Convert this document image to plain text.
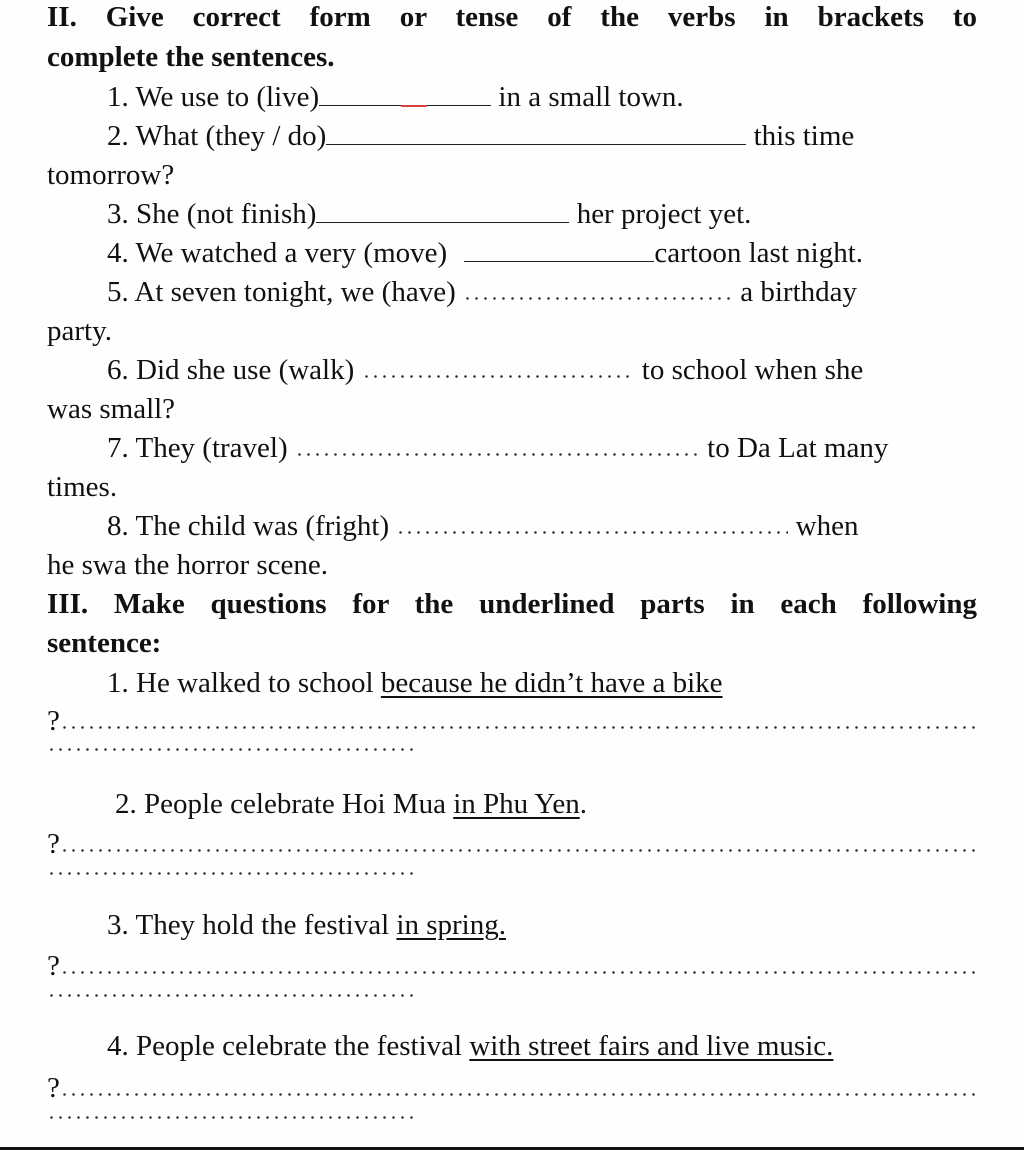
II. Give correct form or tense of the verbs in brackets to
complete the sentences.
1. We use to (live)	in a small town.
2. What (they / do)	this time
tomorrow?
3. She (not finish)	her project yet.
4. We watched a very (move)	cartoon last night.
5. At seven tonight, we (have)	a birthday
party.
6. Did she use (walk)	to school when she
was small?
7. They (travel)	to Da Lat many
times.
8. The child was (fright)	when
he swa the horror scene.
III. Make questions for the underlined parts in each following
sentence:
1. He walked to school because he didn’t have a bike
?
2. People celebrate Hoi Mua in Phu Yen.
?
3. They hold the festival in spring.
?
4. People celebrate the festival with street fairs and live music.
?
